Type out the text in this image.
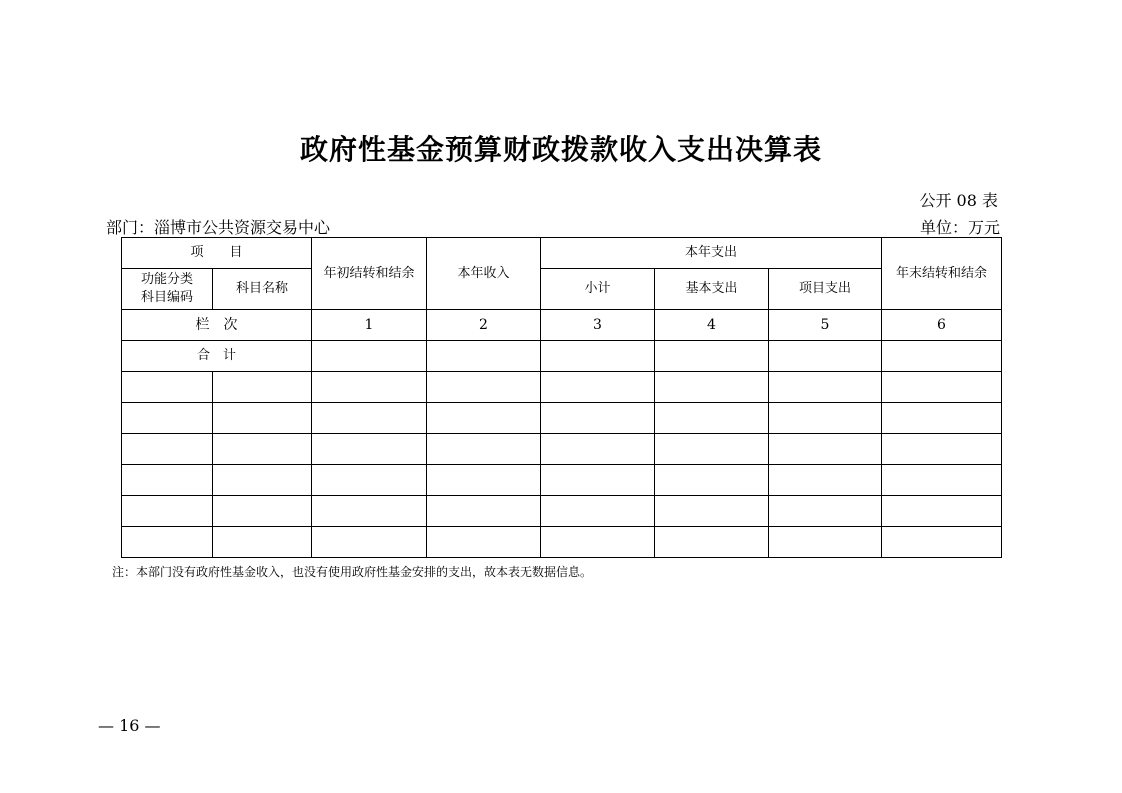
政府性基金预算财政拨款收入支出决算表
公开 08 表
部门：淄博市公共资源交易中心	单位：万元
项　　目		年初结转和结余	本年收入	本年支出			年末结转和结余
功能分类科目编码	科目名称			小计	基本支出	项目支出	
栏　次		1	2	3	4	5	6
合　计							

注：本部门没有政府性基金收入，也没有使用政府性基金安排的支出，故本表无数据信息。
— 16 —
